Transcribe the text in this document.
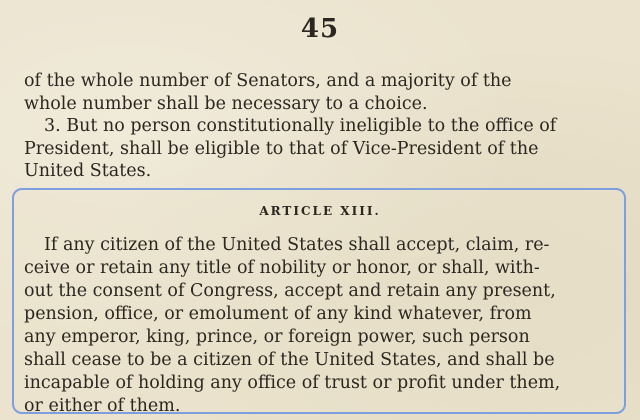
45
of the whole number of Senators, and a majority of the
whole number shall be necessary to a choice.
3. But no person constitutionally ineligible to the office of
President, shall be eligible to that of Vice-President of the
United States.
ARTICLE XIII.
If any citizen of the United States shall accept, claim, re-
ceive or retain any title of nobility or honor, or shall, with-
out the consent of Congress, accept and retain any present,
pension, office, or emolument of any kind whatever, from
any emperor, king, prince, or foreign power, such person
shall cease to be a citizen of the United States, and shall be
incapable of holding any office of trust or profit under them,
or either of them.
